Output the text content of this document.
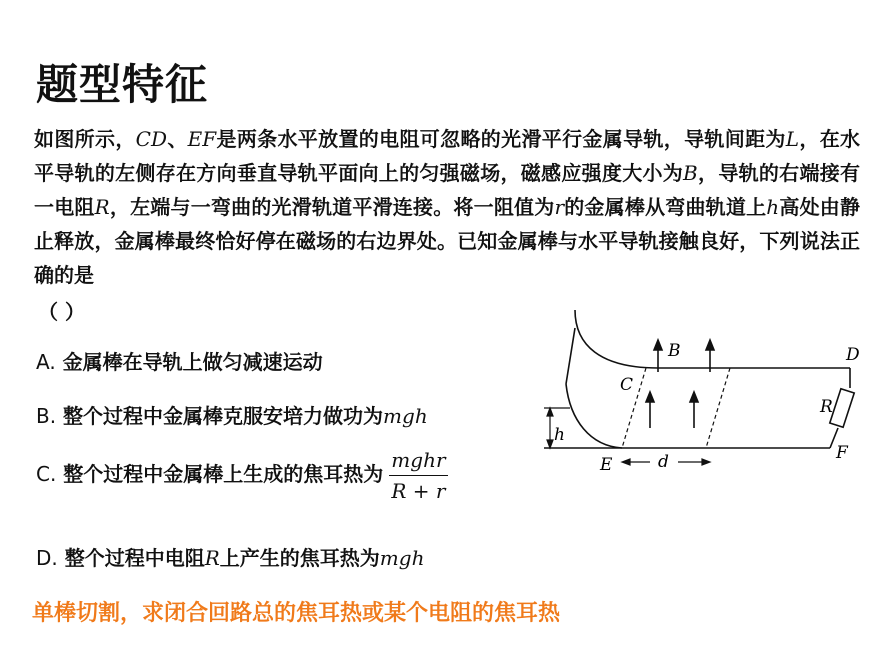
题型特征
如图所示，CD、EF是两条水平放置的电阻可忽略的光滑平行金属导轨，导轨间距为L，在水平导轨的左侧存在方向垂直导轨平面向上的匀强磁场，磁感应强度大小为B，导轨的右端接有一电阻R，左端与一弯曲的光滑轨道平滑连接。将一阻值为r的金属棒从弯曲轨道上h高处由静止释放，金属棒最终恰好停在磁场的右边界处。已知金属棒与水平导轨接触良好，下列说法正确的是
（ ）
A. 金属棒在导轨上做匀减速运动
B. 整个过程中金属棒克服安培力做功为mgh
C. 整个过程中金属棒上生成的焦耳热为 $\frac{\text{mghr}}{R + r}$
D. 整个过程中电阻R上产生的焦耳热为mgh
B	D
C
R
h
E	d	F
单棒切割，求闭合回路总的焦耳热或某个电阻的焦耳热
